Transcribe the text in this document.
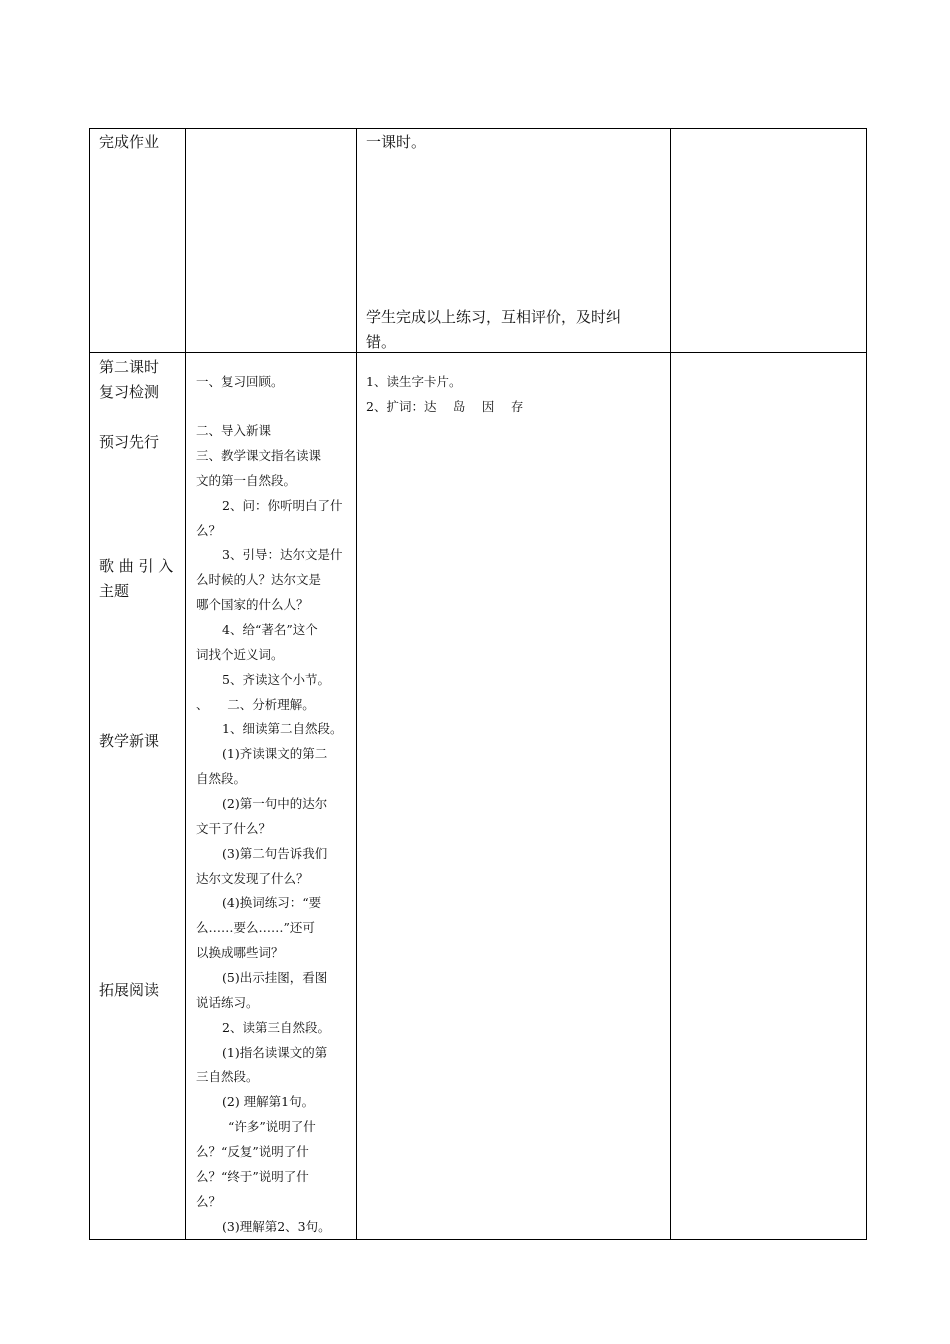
完成作业	一课时。
学生完成以上练习，互相评价，及时纠
错。
第二课时
复习检测
预习先行
歌 曲 引 入
主题
教学新课
拓展阅读
一、复习回顾。
二、导入新课
三、教学课文指名读课
文的第一自然段。
2、问：你听明白了什
么？
3、引导：达尔文是什
么时候的人？达尔文是
哪个国家的什么人？
4、给“著名”这个
词找个近义词。
5、齐读这个小节。
、　　二、分析理解。
1、细读第二自然段。
(1)齐读课文的第二
自然段。
(2)第一句中的达尔
文干了什么？
(3)第二句告诉我们
达尔文发现了什么？
(4)换词练习：“要
么……要么……”还可
以换成哪些词？
(5)出示挂图，看图
说话练习。
2、读第三自然段。
(1)指名读课文的第
三自然段。
(2) 理解第1句。
“许多”说明了什
么？“反复”说明了什
么？“终于”说明了什
么？
(3)理解第2、3句。
1、读生字卡片。
2、扩词：达　 岛　 因　 存
